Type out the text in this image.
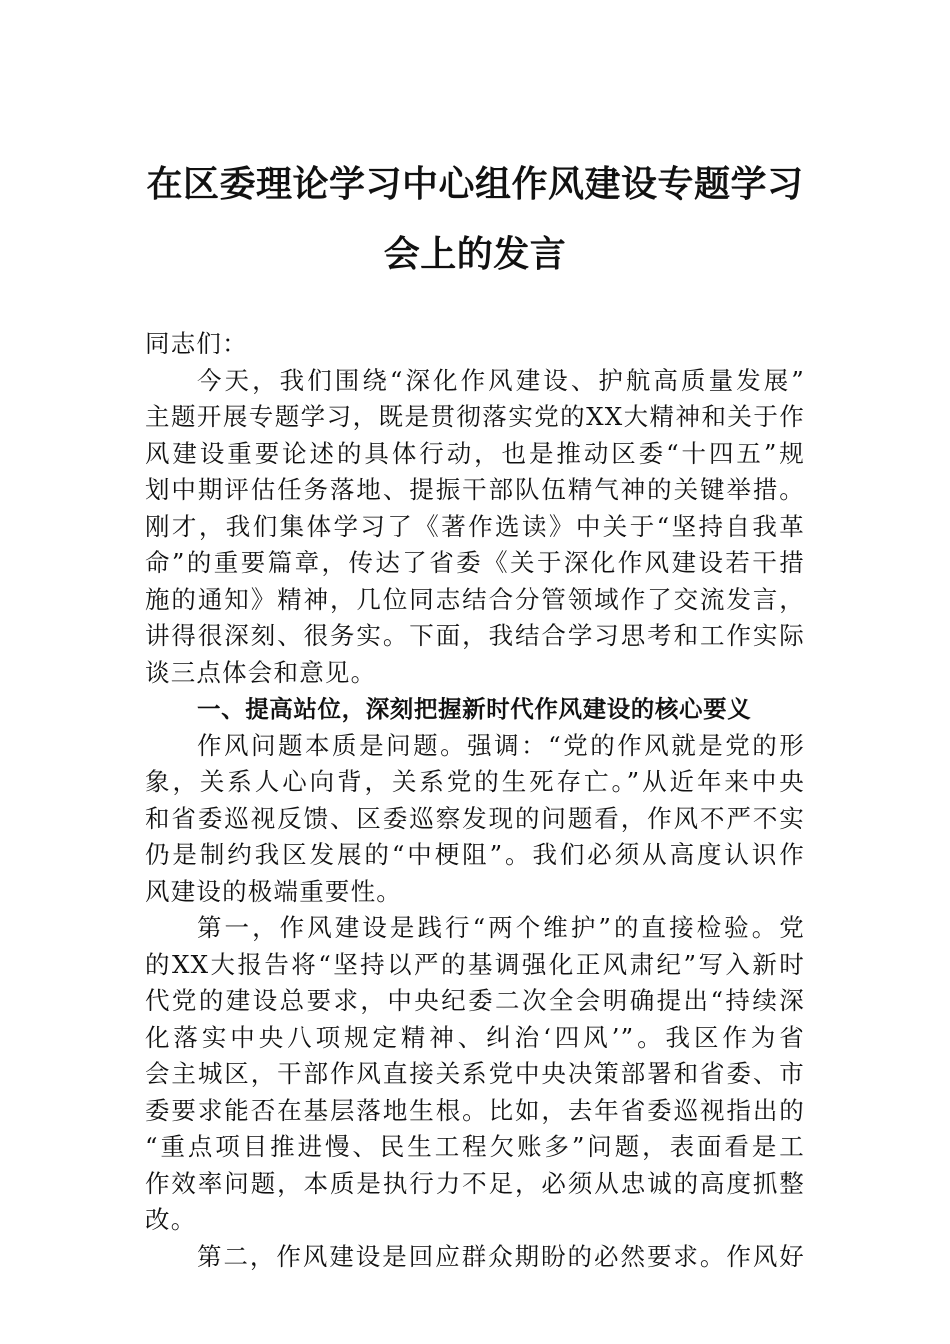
在区委理论学习中心组作风建设专题学习
会上的发言
同志们：
今天，我们围绕“深化作风建设、护航高质量发展”
主题开展专题学习，既是贯彻落实党的XX大精神和关于作
风建设重要论述的具体行动，也是推动区委“十四五”规
划中期评估任务落地、提振干部队伍精气神的关键举措。
刚才，我们集体学习了《著作选读》中关于“坚持自我革
命”的重要篇章，传达了省委《关于深化作风建设若干措
施的通知》精神，几位同志结合分管领域作了交流发言，
讲得很深刻、很务实。下面，我结合学习思考和工作实际
谈三点体会和意见。
一、提高站位，深刻把握新时代作风建设的核心要义
作风问题本质是问题。强调：“党的作风就是党的形
象，关系人心向背，关系党的生死存亡。”从近年来中央
和省委巡视反馈、区委巡察发现的问题看，作风不严不实
仍是制约我区发展的“中梗阻”。我们必须从高度认识作
风建设的极端重要性。
第一，作风建设是践行“两个维护”的直接检验。党
的XX大报告将“坚持以严的基调强化正风肃纪”写入新时
代党的建设总要求，中央纪委二次全会明确提出“持续深
化落实中央八项规定精神、纠治‘四风’”。我区作为省
会主城区，干部作风直接关系党中央决策部署和省委、市
委要求能否在基层落地生根。比如，去年省委巡视指出的
“重点项目推进慢、民生工程欠账多”问题，表面看是工
作效率问题，本质是执行力不足，必须从忠诚的高度抓整
改。
第二，作风建设是回应群众期盼的必然要求。作风好
